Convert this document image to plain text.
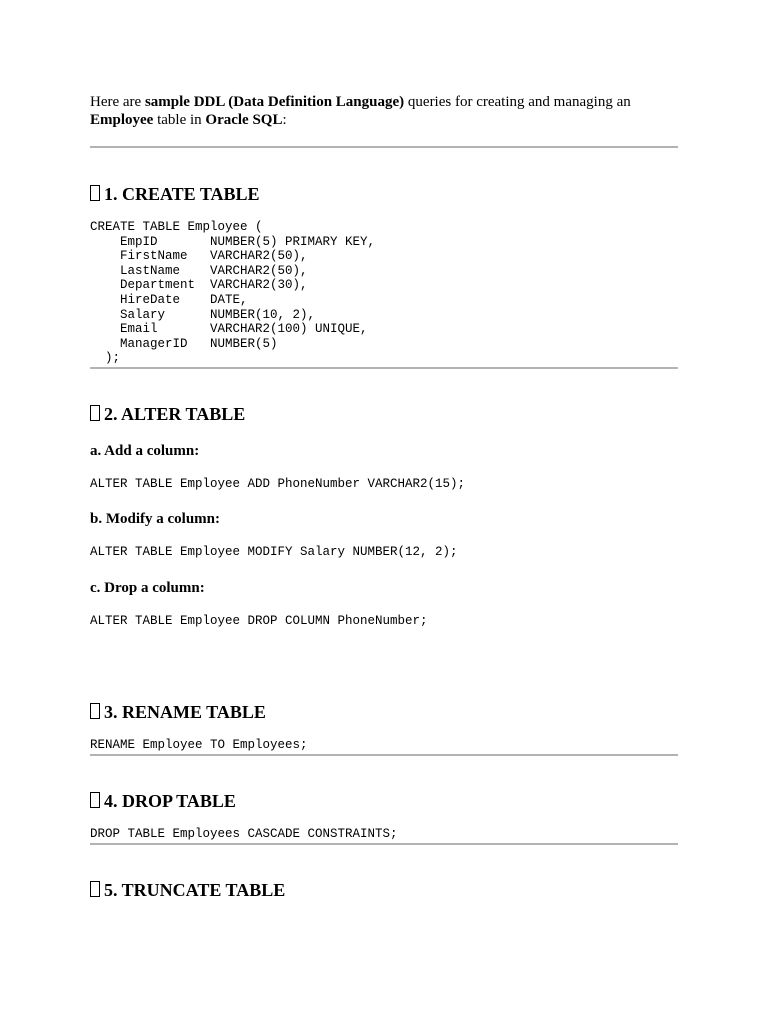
Here are sample DDL (Data Definition Language) queries for creating and managing an Employee table in Oracle SQL:

1. CREATE TABLE
CREATE TABLE Employee (
EmpID       NUMBER(5) PRIMARY KEY,
FirstName   VARCHAR2(50),
LastName    VARCHAR2(50),
Department  VARCHAR2(30),
HireDate    DATE,
Salary      NUMBER(10, 2),
Email       VARCHAR2(100) UNIQUE,
ManagerID   NUMBER(5)
);
2. ALTER TABLE
a. Add a column:
ALTER TABLE Employee ADD PhoneNumber VARCHAR2(15);
b. Modify a column:
ALTER TABLE Employee MODIFY Salary NUMBER(12, 2);
c. Drop a column:
ALTER TABLE Employee DROP COLUMN PhoneNumber;
3. RENAME TABLE
RENAME Employee TO Employees;
4. DROP TABLE
DROP TABLE Employees CASCADE CONSTRAINTS;
5. TRUNCATE TABLE
